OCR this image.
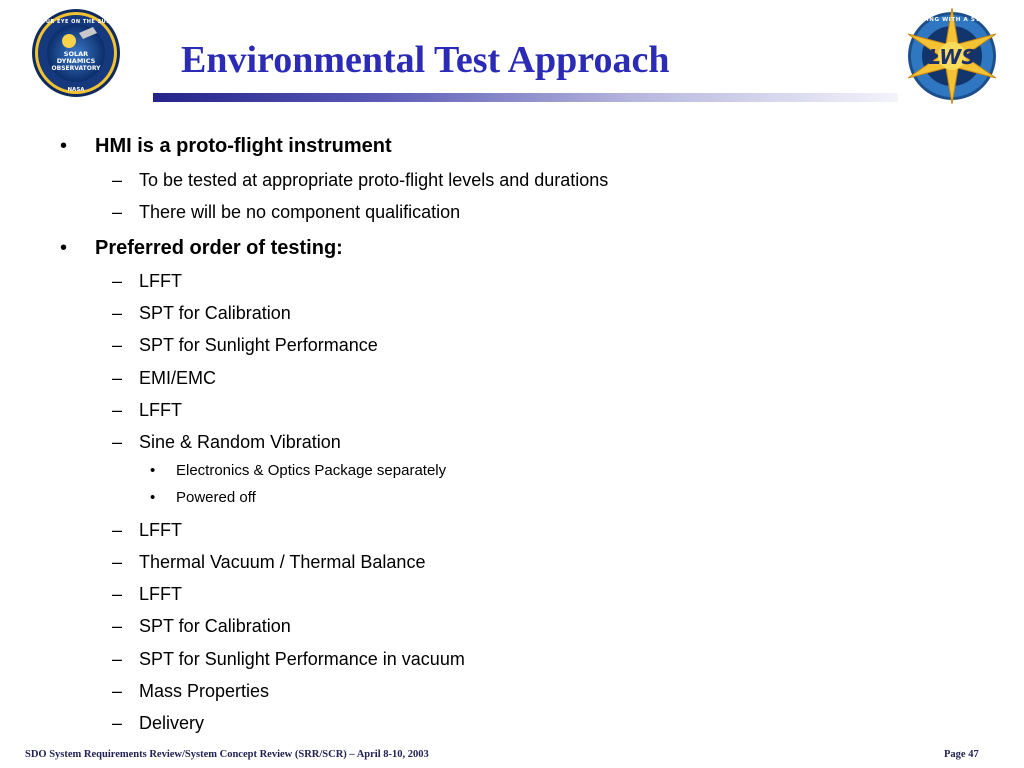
SOLAR
DYNAMICS
OBSERVATORY
OUR EYE ON THE SUN
NASA
Environmental Test Approach	LWS
LIVING WITH A STAR
• HMI is a proto-flight instrument
– To be tested at appropriate proto-flight levels and durations
– There will be no component qualification
• Preferred order of testing:
– LFFT
– SPT for Calibration
– SPT for Sunlight Performance
– EMI/EMC
– LFFT
– Sine & Random Vibration
• Electronics & Optics Package separately
• Powered off
– LFFT
– Thermal Vacuum / Thermal Balance
– LFFT
– SPT for Calibration
– SPT for Sunlight Performance in vacuum
– Mass Properties
– Delivery
SDO System Requirements Review/System Concept Review (SRR/SCR) – April 8-10, 2003	Page 47
